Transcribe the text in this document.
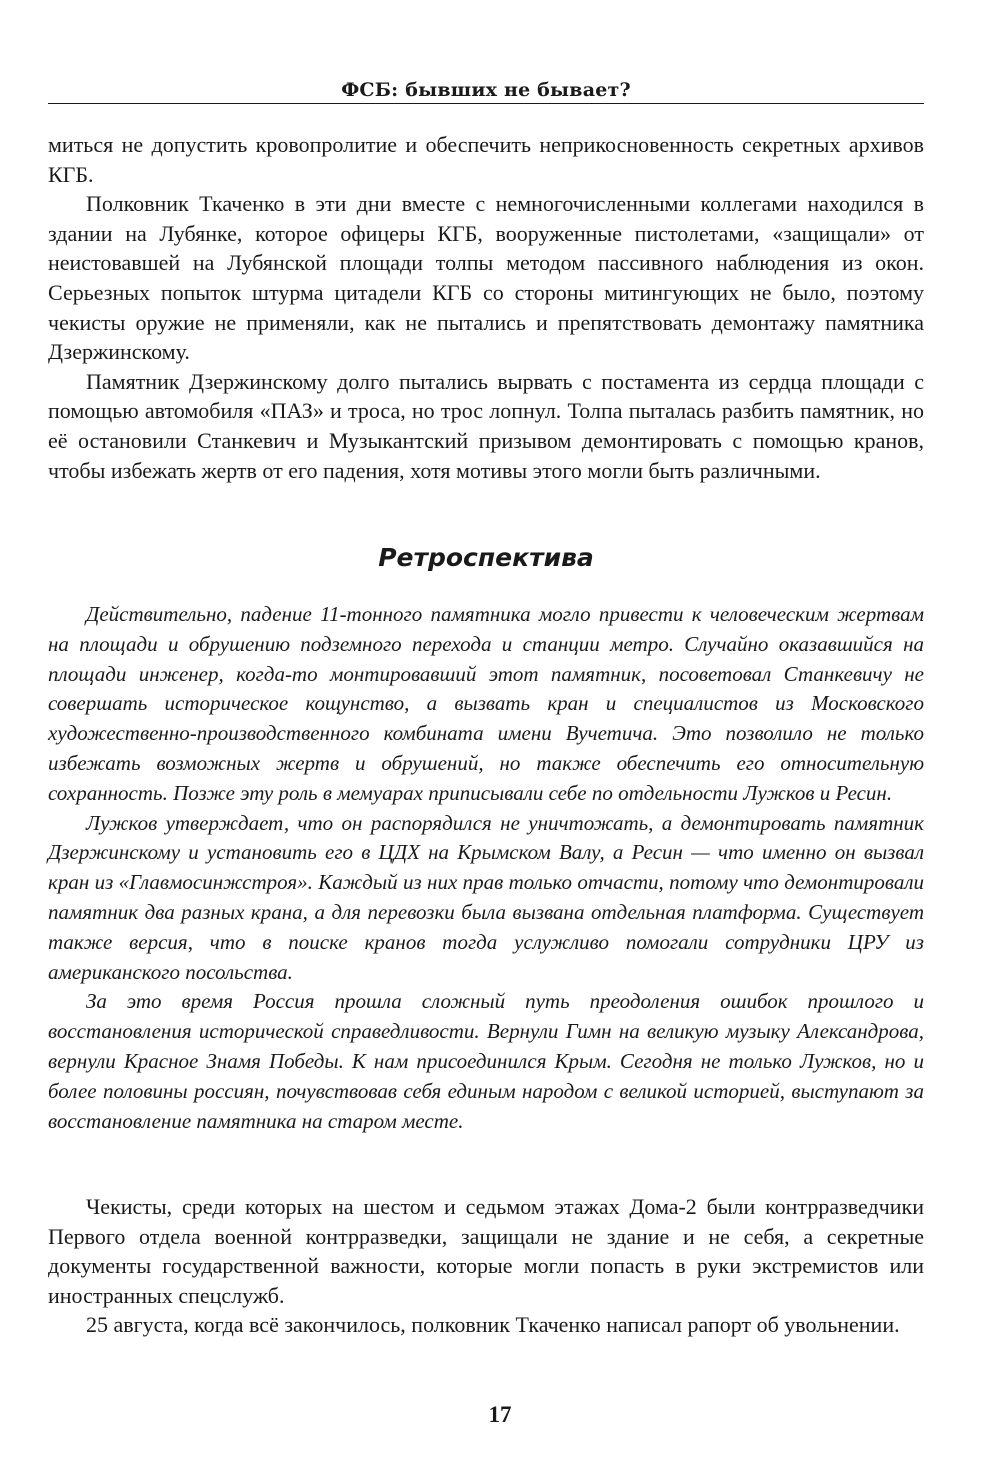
ФСБ: бывших не бывает?

миться не допустить кровопролитие и обеспечить неприкосновенность секретных архивов КГБ.

Полковник Ткаченко в эти дни вместе с немногочисленными коллегами находился в здании на Лубянке, которое офицеры КГБ, вооруженные пистолетами, «защищали» от неистовавшей на Лубянской площади толпы методом пассивного наблюдения из окон. Серьезных попыток штурма цитадели КГБ со стороны митингующих не было, поэтому чекисты оружие не применяли, как не пытались и препятствовать демонтажу памятника Дзержинскому.

Памятник Дзержинскому долго пытались вырвать с постамента из сердца площади с помощью автомобиля «ПАЗ» и троса, но трос лопнул. Толпа пыталась разбить памятник, но её остановили Станкевич и Музыкантский призывом демонтировать с помощью кранов, чтобы избежать жертв от его падения, хотя мотивы этого могли быть различными.

Ретроспектива

Действительно, падение 11-тонного памятника могло привести к человеческим жертвам на площади и обрушению подземного перехода и станции метро. Случайно оказавшийся на площади инженер, когда-то монтировавший этот памятник, посоветовал Станкевичу не совершать историческое кощунство, а вызвать кран и специалистов из Московского художественно-производственного комбината имени Вучетича. Это позволило не только избежать возможных жертв и обрушений, но также обеспечить его относительную сохранность. Позже эту роль в мемуарах приписывали себе по отдельности Лужков и Ресин.

Лужков утверждает, что он распорядился не уничтожать, а демонтировать памятник Дзержинскому и установить его в ЦДХ на Крымском Валу, а Ресин — что именно он вызвал кран из «Главмосинжстроя». Каждый из них прав только отчасти, потому что демонтировали памятник два разных крана, а для перевозки была вызвана отдельная платформа. Существует также версия, что в поиске кранов тогда услужливо помогали сотрудники ЦРУ из американского посольства.

За это время Россия прошла сложный путь преодоления ошибок прошлого и восстановления исторической справедливости. Вернули Гимн на великую музыку Александрова, вернули Красное Знамя Победы. К нам присоединился Крым. Сегодня не только Лужков, но и более половины россиян, почувствовав себя единым народом с великой историей, выступают за восстановление памятника на старом месте.

Чекисты, среди которых на шестом и седьмом этажах Дома-2 были контрразведчики Первого отдела военной контрразведки, защищали не здание и не себя, а секретные документы государственной важности, которые могли попасть в руки экстремистов или иностранных спецслужб.

25 августа, когда всё закончилось, полковник Ткаченко написал рапорт об увольнении.

17
